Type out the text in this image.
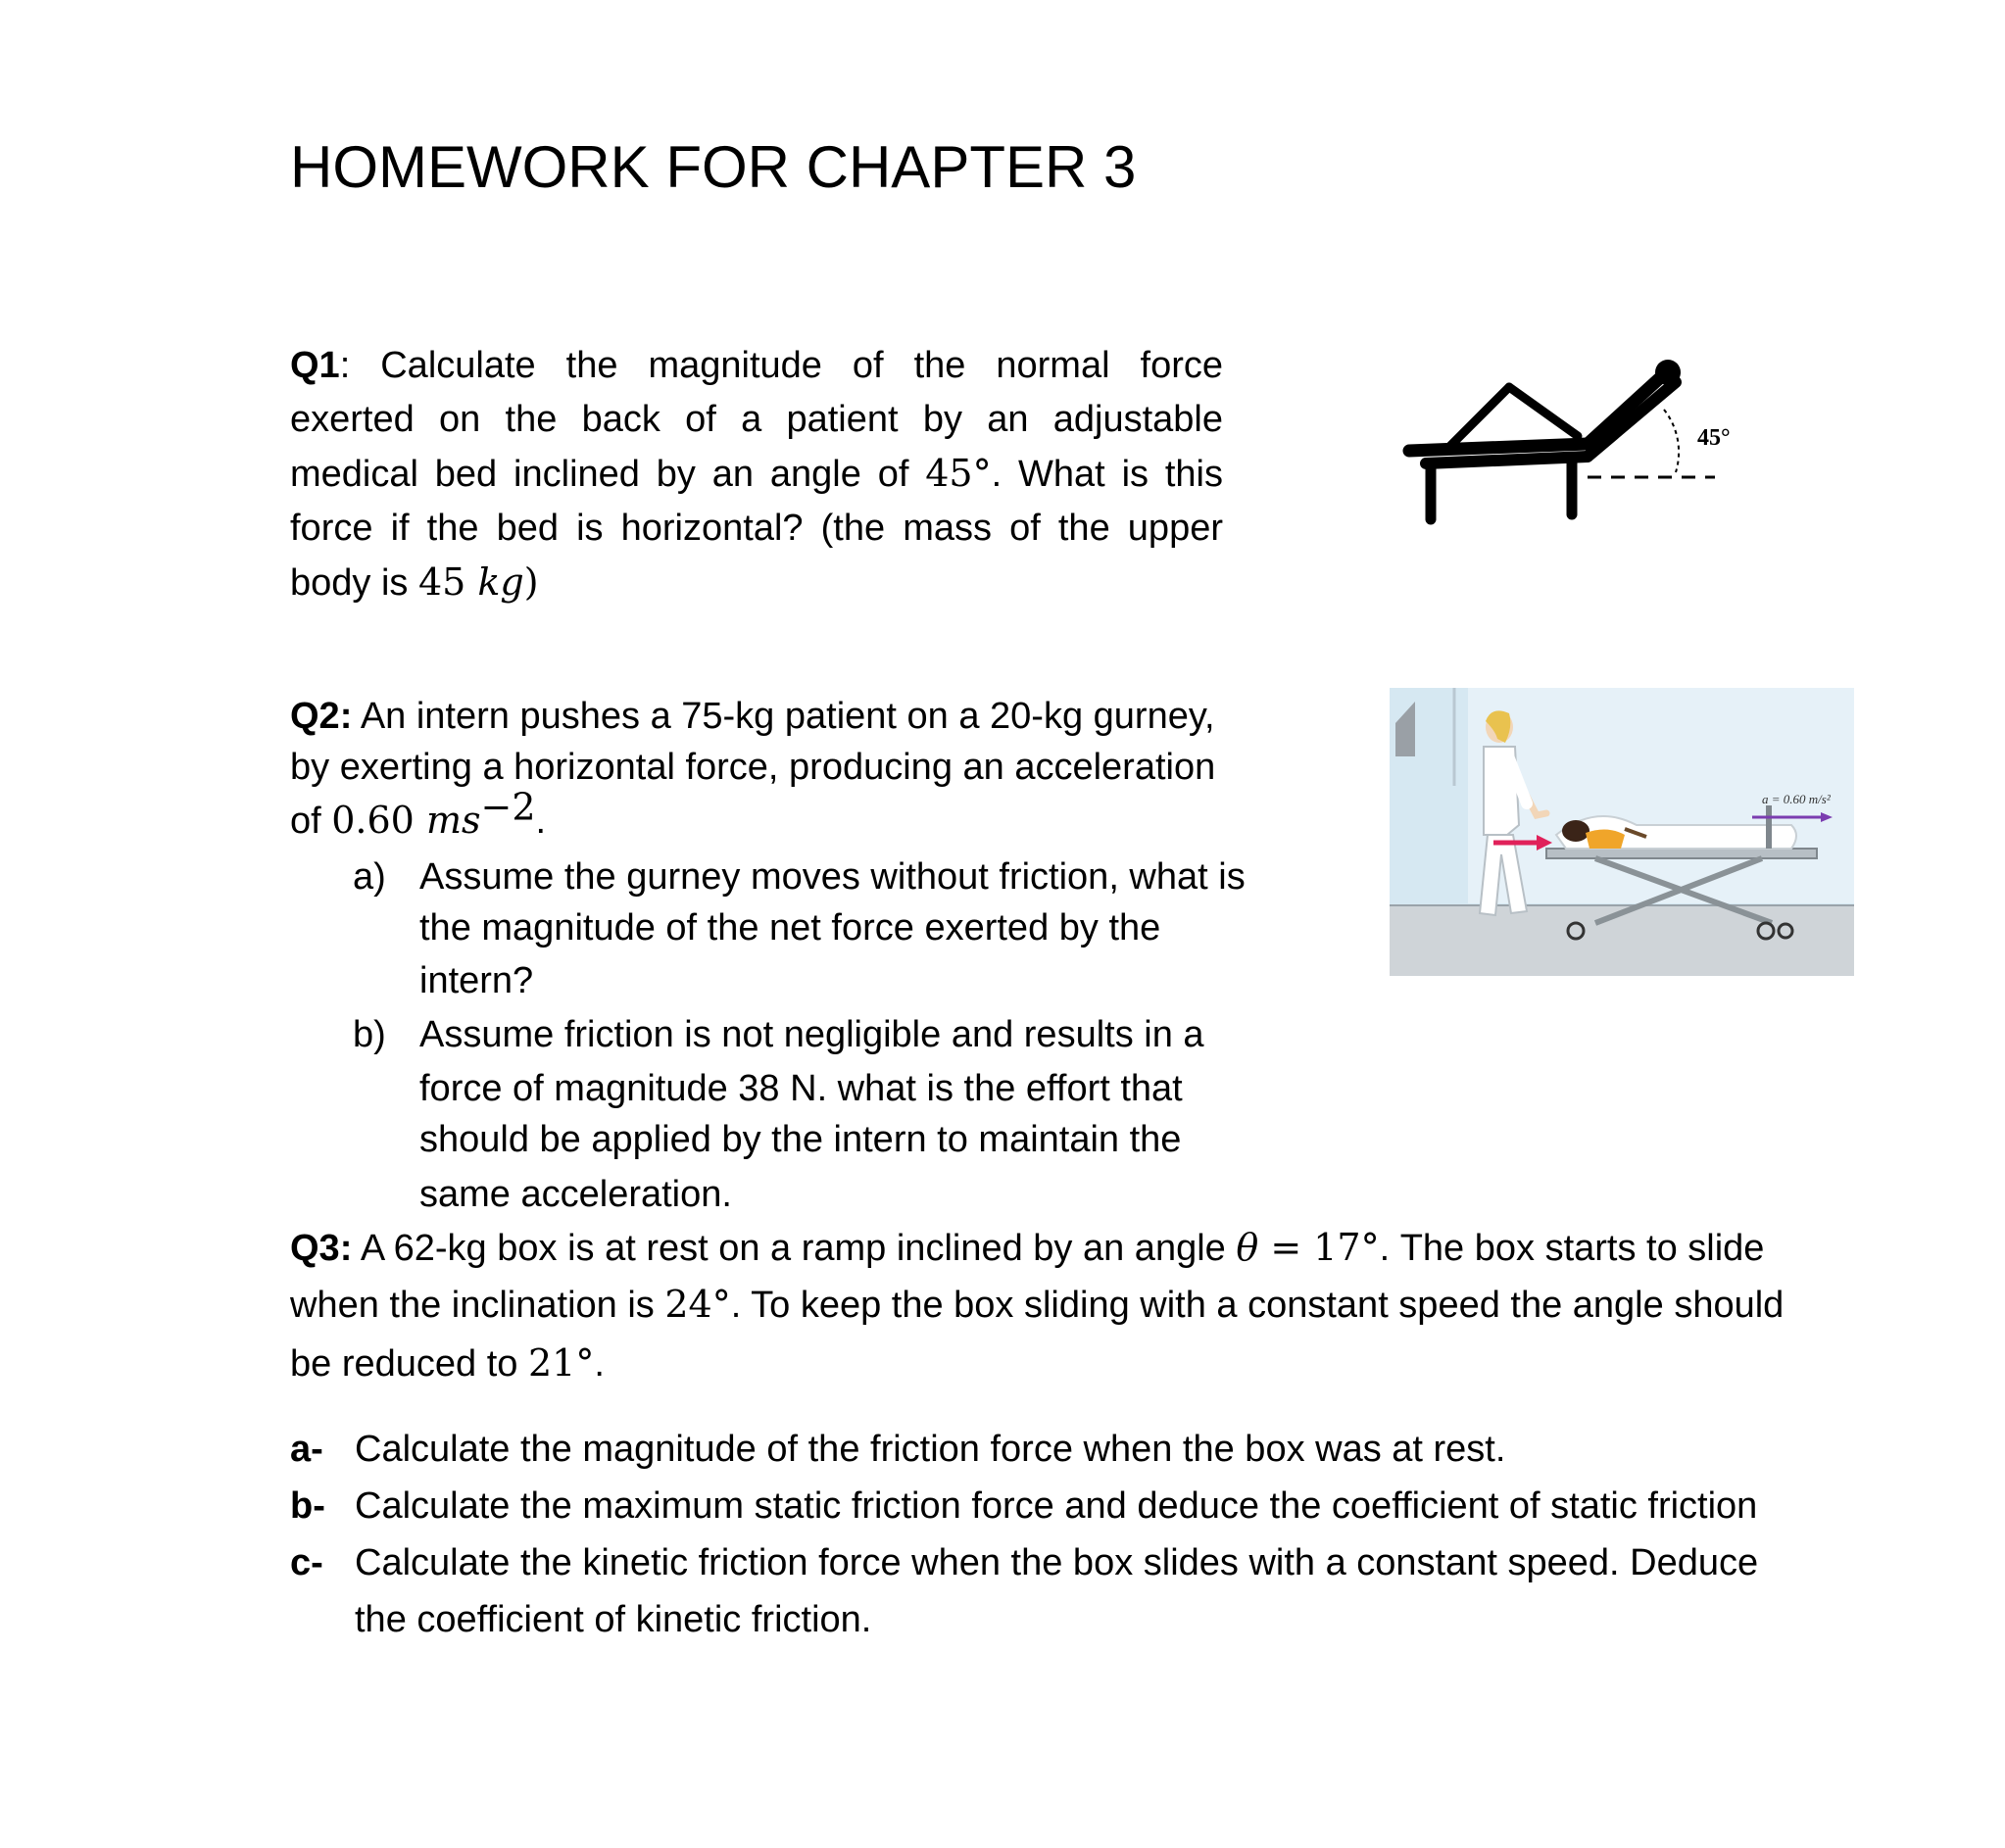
HOMEWORK FOR CHAPTER 3
Q1: Calculate the magnitude of the normal force
exerted on the back of a patient by an adjustable
medical bed inclined by an angle of 45°. What is this
force if the bed is horizontal? (the mass of the upper
body is 45 kg)
45°
Q2: An intern pushes a 75-kg patient on a 20-kg gurney,
by exerting a horizontal force, producing an acceleration
of 0.60 $ms^{-2}$.
a) Assume the gurney moves without friction, what is
the magnitude of the net force exerted by the
intern?
b) Assume friction is not negligible and results in a
force of magnitude 38 N. what is the effort that
should be applied by the intern to maintain the
same acceleration.
a = 0.60 m/s²
Q3: A 62-kg box is at rest on a ramp inclined by an angle θ = 17°. The box starts to slide
when the inclination is 24°. To keep the box sliding with a constant speed the angle should
be reduced to 21°.
a- Calculate the magnitude of the friction force when the box was at rest.
b- Calculate the maximum static friction force and deduce the coefficient of static friction
c- Calculate the kinetic friction force when the box slides with a constant speed. Deduce
the coefficient of kinetic friction.
